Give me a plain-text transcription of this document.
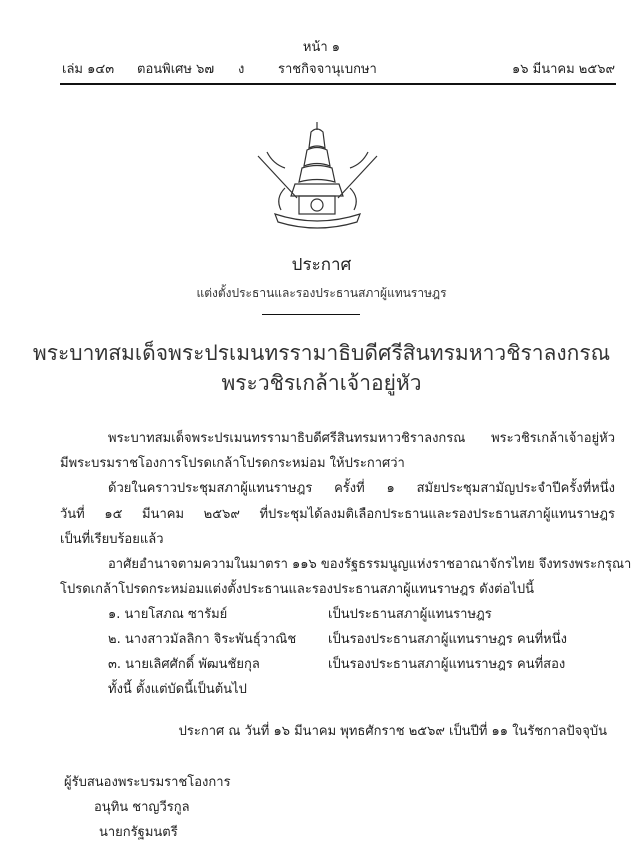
หน้า ๑
เล่ม ๑๔๓ ตอนพิเศษ ๖๗ ง	ราชกิจจานุเบกษา	๑๖ มีนาคม ๒๕๖๙
ประกาศ
แต่งตั้งประธานและรองประธานสภาผู้แทนราษฎร
พระบาทสมเด็จพระปรเมนทรรามาธิบดีศรีสินทรมหาวชิราลงกรณ
พระวชิรเกล้าเจ้าอยู่หัว
พระบาทสมเด็จพระปรเมนทรรามาธิบดีศรีสินทรมหาวชิราลงกรณ พระวชิรเกล้าเจ้าอยู่หัว
มีพระบรมราชโองการโปรดเกล้าโปรดกระหม่อม ให้ประกาศว่า
ด้วยในคราวประชุมสภาผู้แทนราษฎร ครั้งที่ ๑ สมัยประชุมสามัญประจำปีครั้งที่หนึ่ง
วันที่ ๑๕ มีนาคม ๒๕๖๙ ที่ประชุมได้ลงมติเลือกประธานและรองประธานสภาผู้แทนราษฎร
เป็นที่เรียบร้อยแล้ว
อาศัยอำนาจตามความในมาตรา ๑๑๖ ของรัฐธรรมนูญแห่งราชอาณาจักรไทย จึงทรงพระกรุณา
โปรดเกล้าโปรดกระหม่อมแต่งตั้งประธานและรองประธานสภาผู้แทนราษฎร ดังต่อไปนี้
๑. นายโสภณ ซารัมย์	เป็นประธานสภาผู้แทนราษฎร
๒. นางสาวมัลลิกา จิระพันธุ์วาณิช เป็นรองประธานสภาผู้แทนราษฎร คนที่หนึ่ง
๓. นายเลิศศักดิ์ พัฒนชัยกุล	เป็นรองประธานสภาผู้แทนราษฎร คนที่สอง
ทั้งนี้ ตั้งแต่บัดนี้เป็นต้นไป
ประกาศ ณ วันที่ ๑๖ มีนาคม พุทธศักราช ๒๕๖๙ เป็นปีที่ ๑๑ ในรัชกาลปัจจุบัน
ผู้รับสนองพระบรมราชโองการ
อนุทิน ชาญวีรกูล
นายกรัฐมนตรี
